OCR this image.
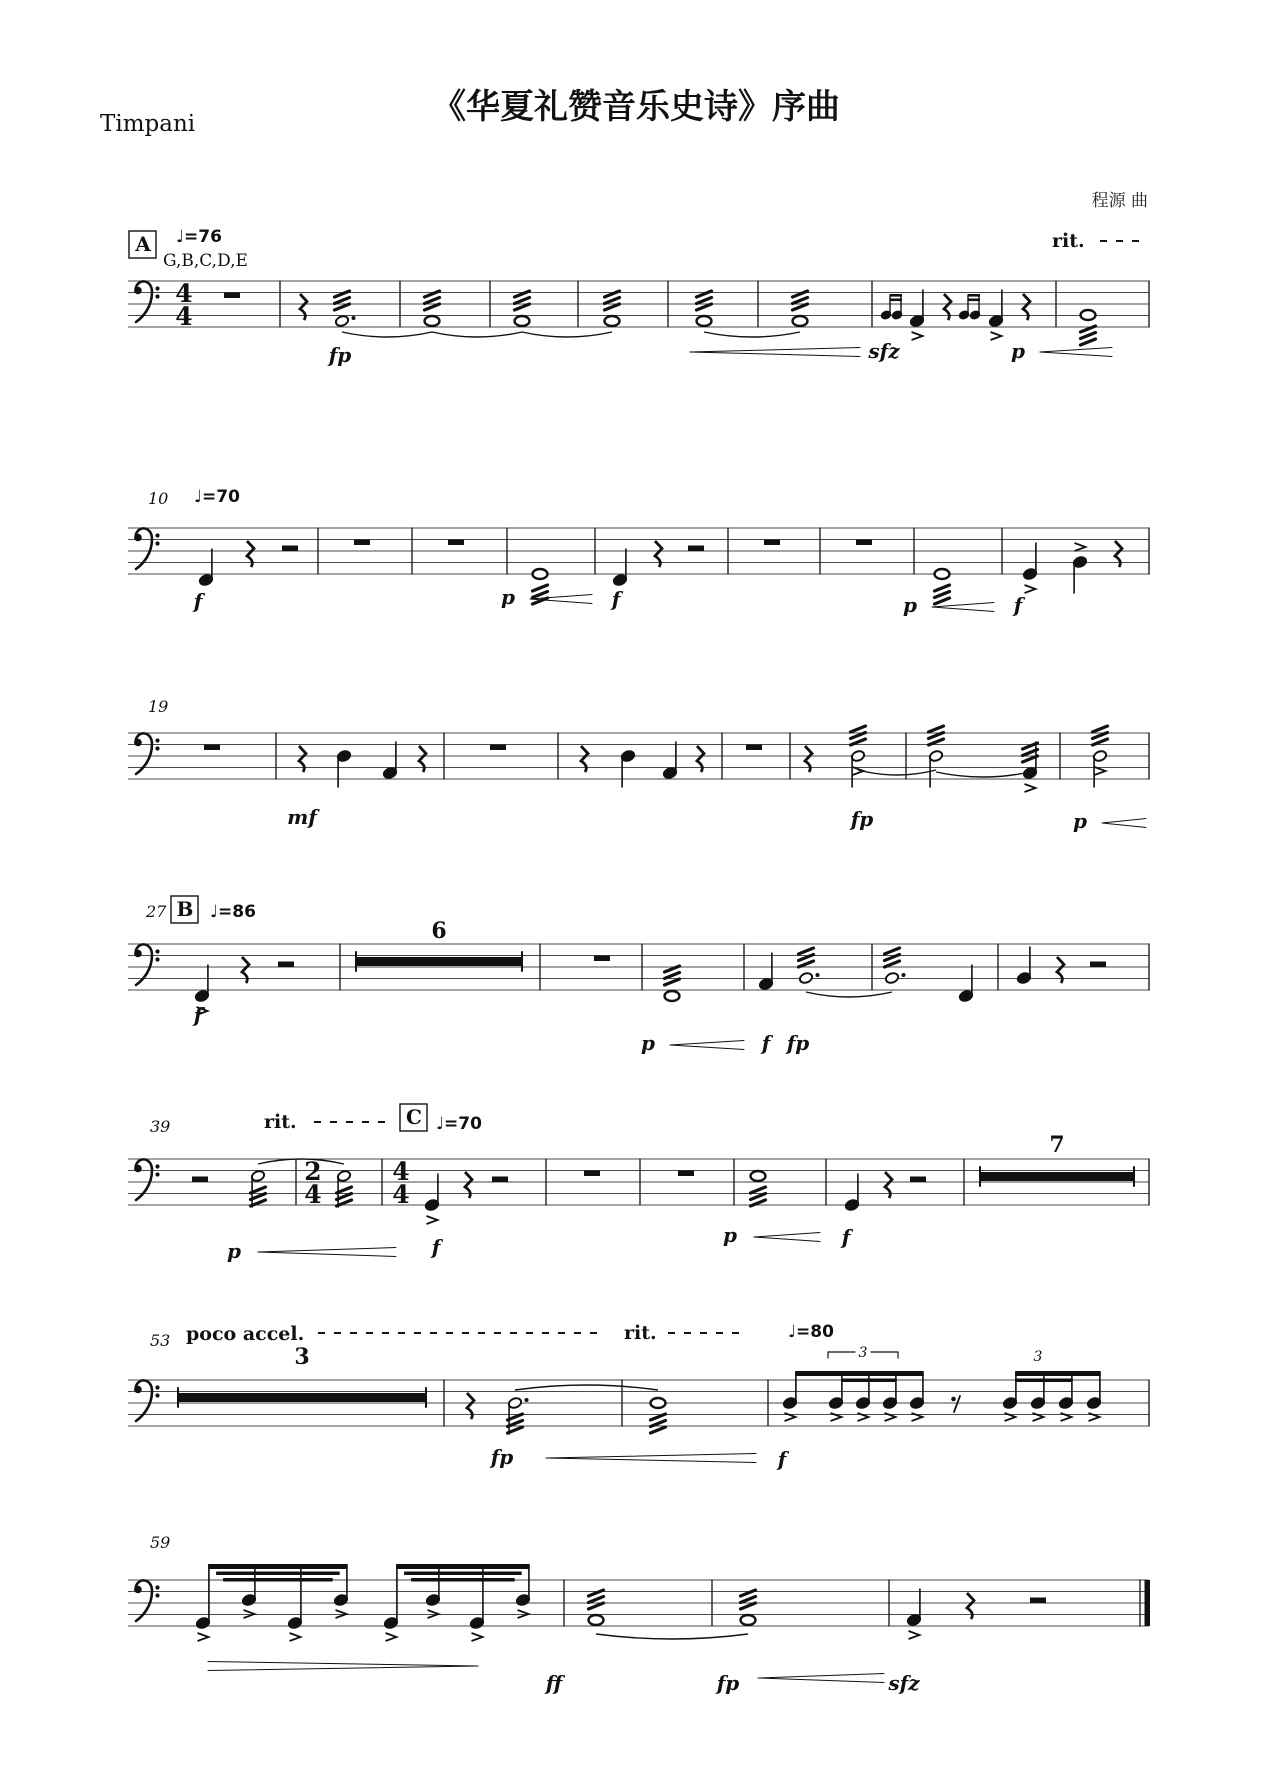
Timpani	《华夏礼赞音乐史诗》序曲
程源 曲
A ♩=76
G,B,C,D,E
rit.
4
4
fp	sfz	p
10 ♩=70
f	p	f	p	f
19
mf	fp	p
27 B ♩=86
6
f
p	f fp
39	rit.	C ♩=70
7
2
4
4
4
p	f	p	f
53 poco accel.	rit.	♩=80
3	3	3
fp	f
59
ff	fp	sfz
